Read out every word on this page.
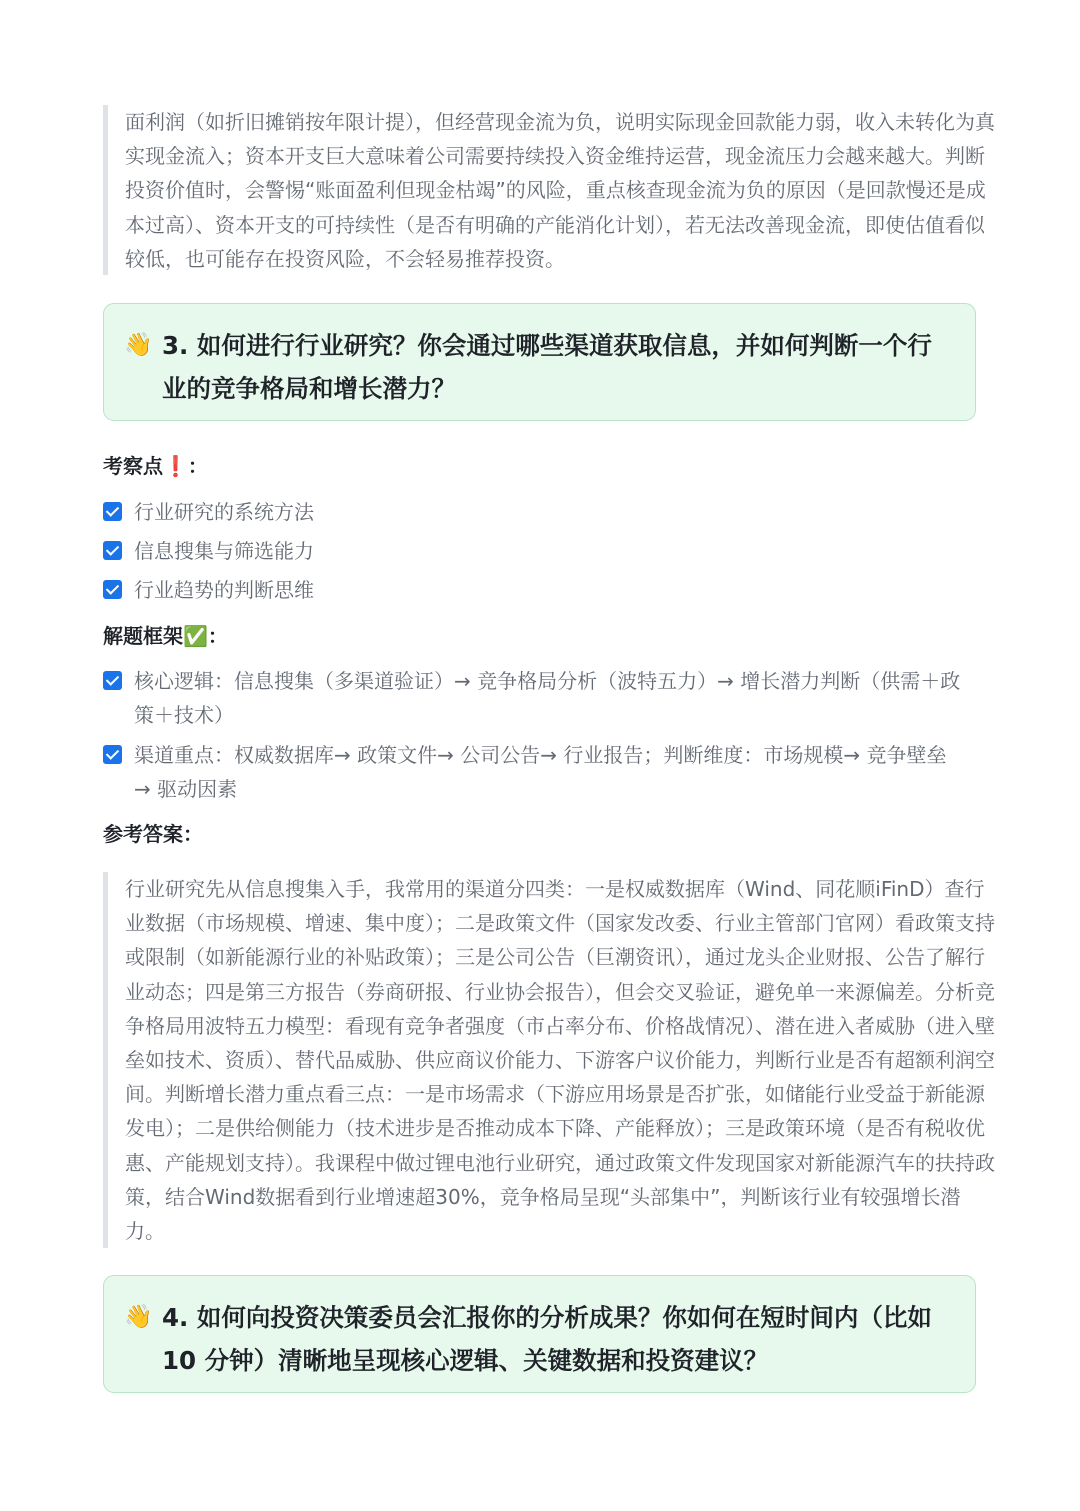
面利润（如折旧摊销按年限计提），但经营现金流为负，说明实际现金回款能力弱，收入未转化为真实现金流入；资本开支巨大意味着公司需要持续投入资金维持运营，现金流压力会越来越大。判断投资价值时，会警惕“账面盈利但现金枯竭”的风险，重点核查现金流为负的原因（是回款慢还是成本过高）、资本开支的可持续性（是否有明确的产能消化计划），若无法改善现金流，即使估值看似较低，也可能存在投资风险，不会轻易推荐投资。

👋 3. 如何进行行业研究？你会通过哪些渠道获取信息，并如何判断一个行业的竞争格局和增长潜力？
考察点❗：
行业研究的系统方法
信息搜集与筛选能力
行业趋势的判断思维
解题框架✅：
核心逻辑：信息搜集（多渠道验证）→ 竞争格局分析（波特五力）→ 增长潜力判断（供需＋政策＋技术）
渠道重点：权威数据库→ 政策文件→ 公司公告→ 行业报告；判断维度：市场规模→ 竞争壁垒→ 驱动因素
参考答案：

行业研究先从信息搜集入手，我常用的渠道分四类：一是权威数据库（Wind、同花顺iFinD）查行业数据（市场规模、增速、集中度）；二是政策文件（国家发改委、行业主管部门官网）看政策支持或限制（如新能源行业的补贴政策）；三是公司公告（巨潮资讯），通过龙头企业财报、公告了解行业动态；四是第三方报告（券商研报、行业协会报告），但会交叉验证，避免单一来源偏差。分析竞争格局用波特五力模型：看现有竞争者强度（市占率分布、价格战情况）、潜在进入者威胁（进入壁垒如技术、资质）、替代品威胁、供应商议价能力、下游客户议价能力，判断行业是否有超额利润空间。判断增长潜力重点看三点：一是市场需求（下游应用场景是否扩张，如储能行业受益于新能源发电）；二是供给侧能力（技术进步是否推动成本下降、产能释放）；三是政策环境（是否有税收优惠、产能规划支持）。我课程中做过锂电池行业研究，通过政策文件发现国家对新能源汽车的扶持政策，结合Wind数据看到行业增速超30%，竞争格局呈现“头部集中”，判断该行业有较强增长潜力。

👋 4. 如何向投资决策委员会汇报你的分析成果？你如何在短时间内（比如 10 分钟）清晰地呈现核心逻辑、关键数据和投资建议？
